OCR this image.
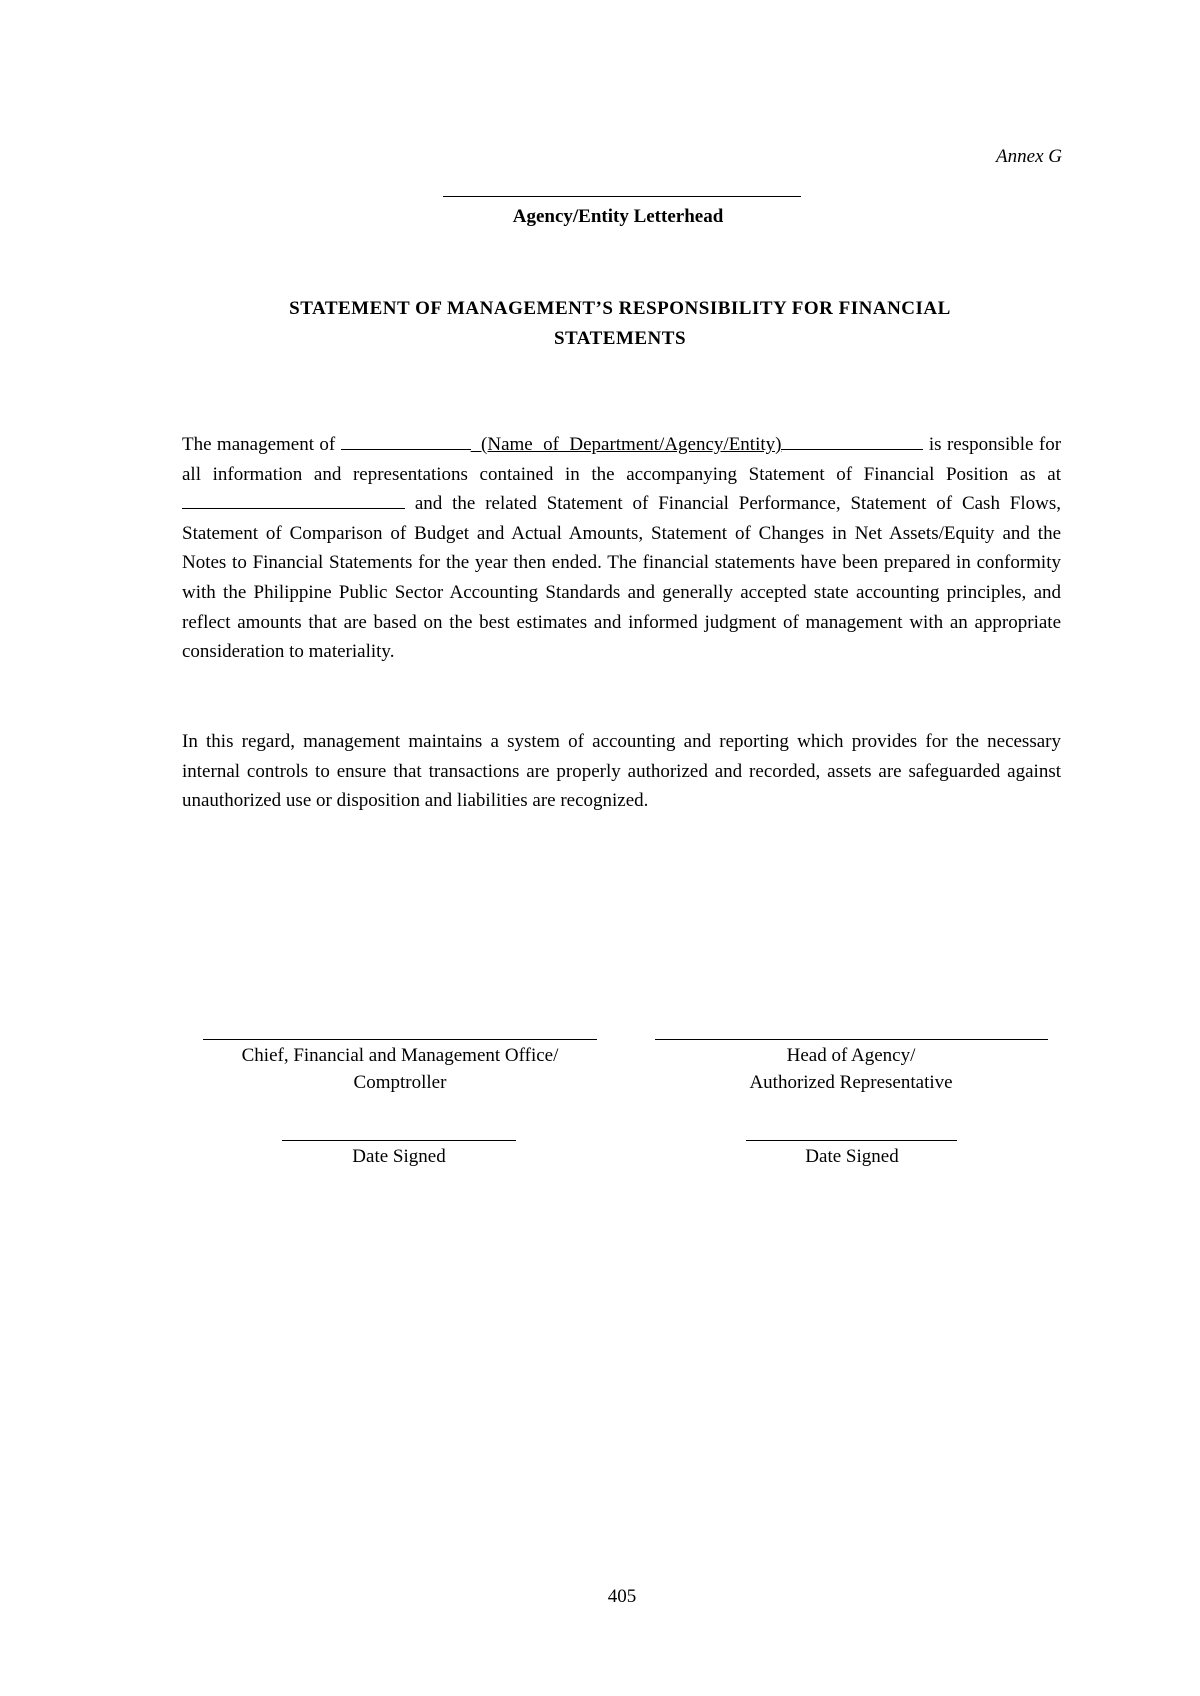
Annex G
Agency/Entity Letterhead
STATEMENT OF MANAGEMENT’S RESPONSIBILITY FOR FINANCIAL
STATEMENTS
The management of	(Name of Department/Agency/Entity)	is responsible for all information and representations contained in the accompanying Statement of Financial Position as at  and the related Statement of Financial Performance, Statement of Cash Flows, Statement of Comparison of Budget and Actual Amounts, Statement of Changes in Net Assets/Equity and the Notes to Financial Statements for the year then ended. The financial statements have been prepared in conformity with the Philippine Public Sector Accounting Standards and generally accepted state accounting principles, and reflect amounts that are based on the best estimates and informed judgment of management with an appropriate consideration to materiality.
In this regard, management maintains a system of accounting and reporting which provides for the necessary internal controls to ensure that transactions are properly authorized and recorded, assets are safeguarded against unauthorized use or disposition and liabilities are recognized.
Chief, Financial and Management Office/
Comptroller
Date Signed
Head of Agency/
Authorized Representative
Date Signed
405
